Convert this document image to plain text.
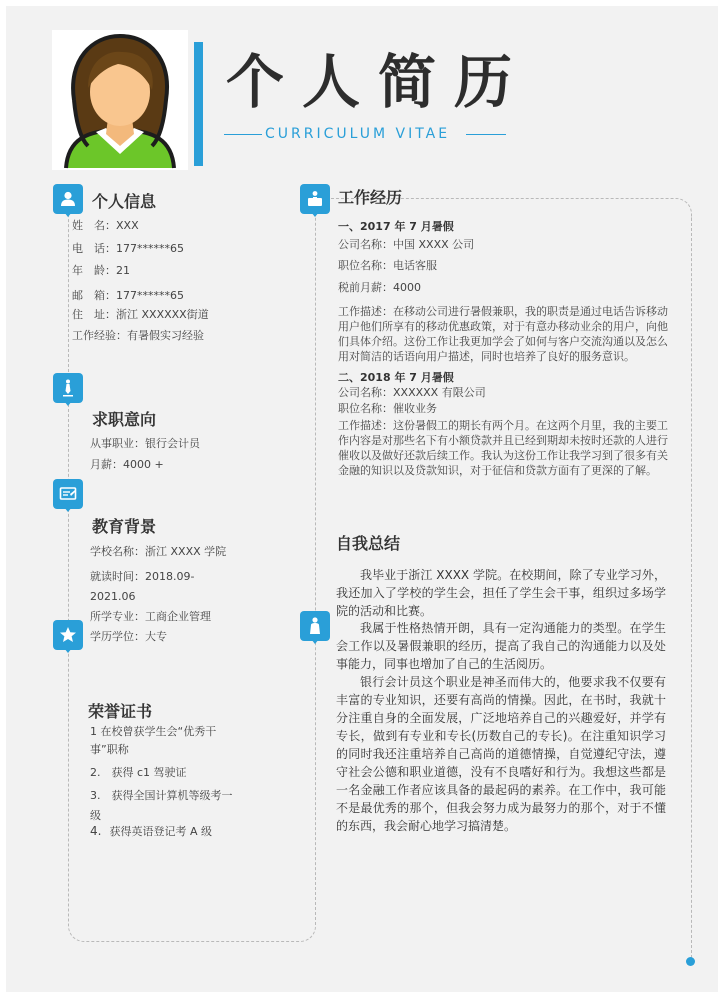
个人简历
CURRICULUM VITAE
个人信息
姓　名：XXX
电　话：177******65
年　龄：21
邮　箱：177******65
住　址：浙江 XXXXXX街道
工作经验：有暑假实习经验
求职意向
从事职业：银行会计员
月薪：4000 +
教育背景
学校名称：浙江 XXXX 学院
就读时间：2018.09-
2021.06
所学专业：工商企业管理
学历学位：大专
荣誉证书
1 在校曾获学生会“优秀干
事”职称
2.　获得 c1 驾驶证
3.　获得全国计算机等级考一
级
4. 获得英语登记考 A 级
工作经历
一、2017 年 7 月暑假
公司名称：中国 XXXX 公司
职位名称：电话客服
税前月薪：4000
工作描述：在移动公司进行暑假兼职，我的职责是通过电话告诉移动用户他们所享有的移动优惠政策，对于有意办移动业余的用户，向他们具体介绍。这份工作让我更加学会了如何与客户交流沟通以及怎么用对简洁的话语向用户描述，同时也培养了良好的服务意识。
二、2018 年 7 月暑假
公司名称：XXXXXX 有限公司
职位名称：催收业务
工作描述：这份暑假工的期长有两个月。在这两个月里，我的主要工作内容是对那些名下有小额贷款并且已经到期却未按时还款的人进行催收以及做好还款后续工作。我认为这份工作让我学习到了很多有关金融的知识以及贷款知识，对于征信和贷款方面有了更深的了解。
自我总结
我毕业于浙江 XXXX 学院。在校期间，除了专业学习外，我还加入了学校的学生会，担任了学生会干事，组织过多场学院的活动和比赛。
我属于性格热情开朗，具有一定沟通能力的类型。在学生会工作以及暑假兼职的经历，提高了我自己的沟通能力以及处事能力，同事也增加了自己的生活阅历。
银行会计员这个职业是神圣而伟大的，他要求我不仅要有丰富的专业知识，还要有高尚的情操。因此，在书时，我就十分注重自身的全面发展，广泛地培养自己的兴趣爱好，并学有专长，做到有专业和专长(历数自己的专长)。在注重知识学习的同时我还注重培养自己高尚的道德情操，自觉遵纪守法，遵守社会公德和职业道德，没有不良嗜好和行为。我想这些都是一名金融工作者应该具备的最起码的素养。在工作中，我可能不是最优秀的那个，但我会努力成为最努力的那个，对于不懂的东西，我会耐心地学习搞清楚。
